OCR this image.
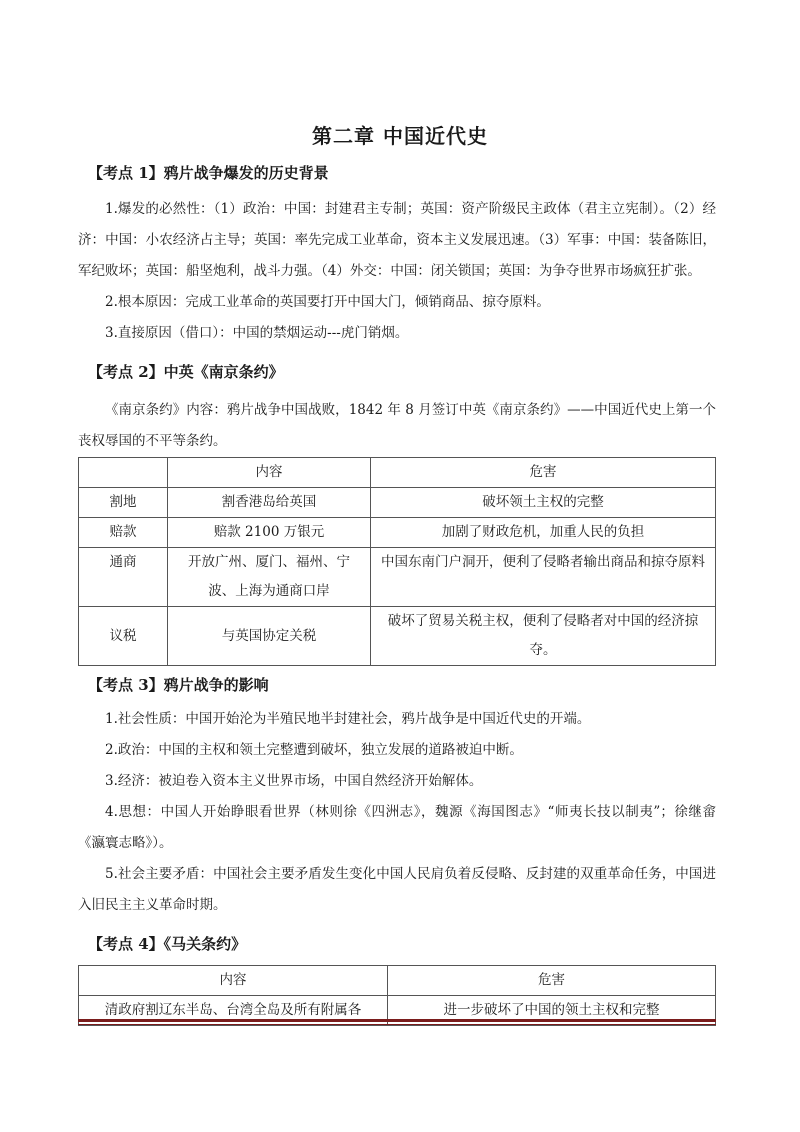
第二章 中国近代史
【考点 1】鸦片战争爆发的历史背景

1.爆发的必然性：（1）政治：中国：封建君主专制；英国：资产阶级民主政体（君主立宪制）。（2）经济：中国：小农经济占主导；英国：率先完成工业革命，资本主义发展迅速。（3）军事：中国：装备陈旧，军纪败坏；英国：船坚炮利，战斗力强。（4）外交：中国：闭关锁国；英国：为争夺世界市场疯狂扩张。

2.根本原因：完成工业革命的英国要打开中国大门，倾销商品、掠夺原料。

3.直接原因（借口）：中国的禁烟运动---虎门销烟。

【考点 2】中英《南京条约》

《南京条约》内容：鸦片战争中国战败，1842 年 8 月签订中英《南京条约》——中国近代史上第一个丧权辱国的不平等条约。

	内容	危害
割地	割香港岛给英国	破坏领土主权的完整
赔款	赔款 2100 万银元	加剧了财政危机，加重人民的负担
通商	开放广州、厦门、福州、宁波、上海为通商口岸	中国东南门户洞开，便利了侵略者输出商品和掠夺原料
议税	与英国协定关税	破坏了贸易关税主权，便利了侵略者对中国的经济掠夺。
【考点 3】鸦片战争的影响

1.社会性质：中国开始沦为半殖民地半封建社会，鸦片战争是中国近代史的开端。

2.政治：中国的主权和领土完整遭到破坏，独立发展的道路被迫中断。

3.经济：被迫卷入资本主义世界市场，中国自然经济开始解体。

4.思想：中国人开始睁眼看世界（林则徐《四洲志》，魏源《海国图志》“师夷长技以制夷”；徐继畲《瀛寰志略》）。

5.社会主要矛盾：中国社会主要矛盾发生变化中国人民肩负着反侵略、反封建的双重革命任务，中国进入旧民主主义革命时期。

【考点 4】《马关条约》
内容	危害
清政府割辽东半岛、台湾全岛及所有附属各	进一步破坏了中国的领土主权和完整
